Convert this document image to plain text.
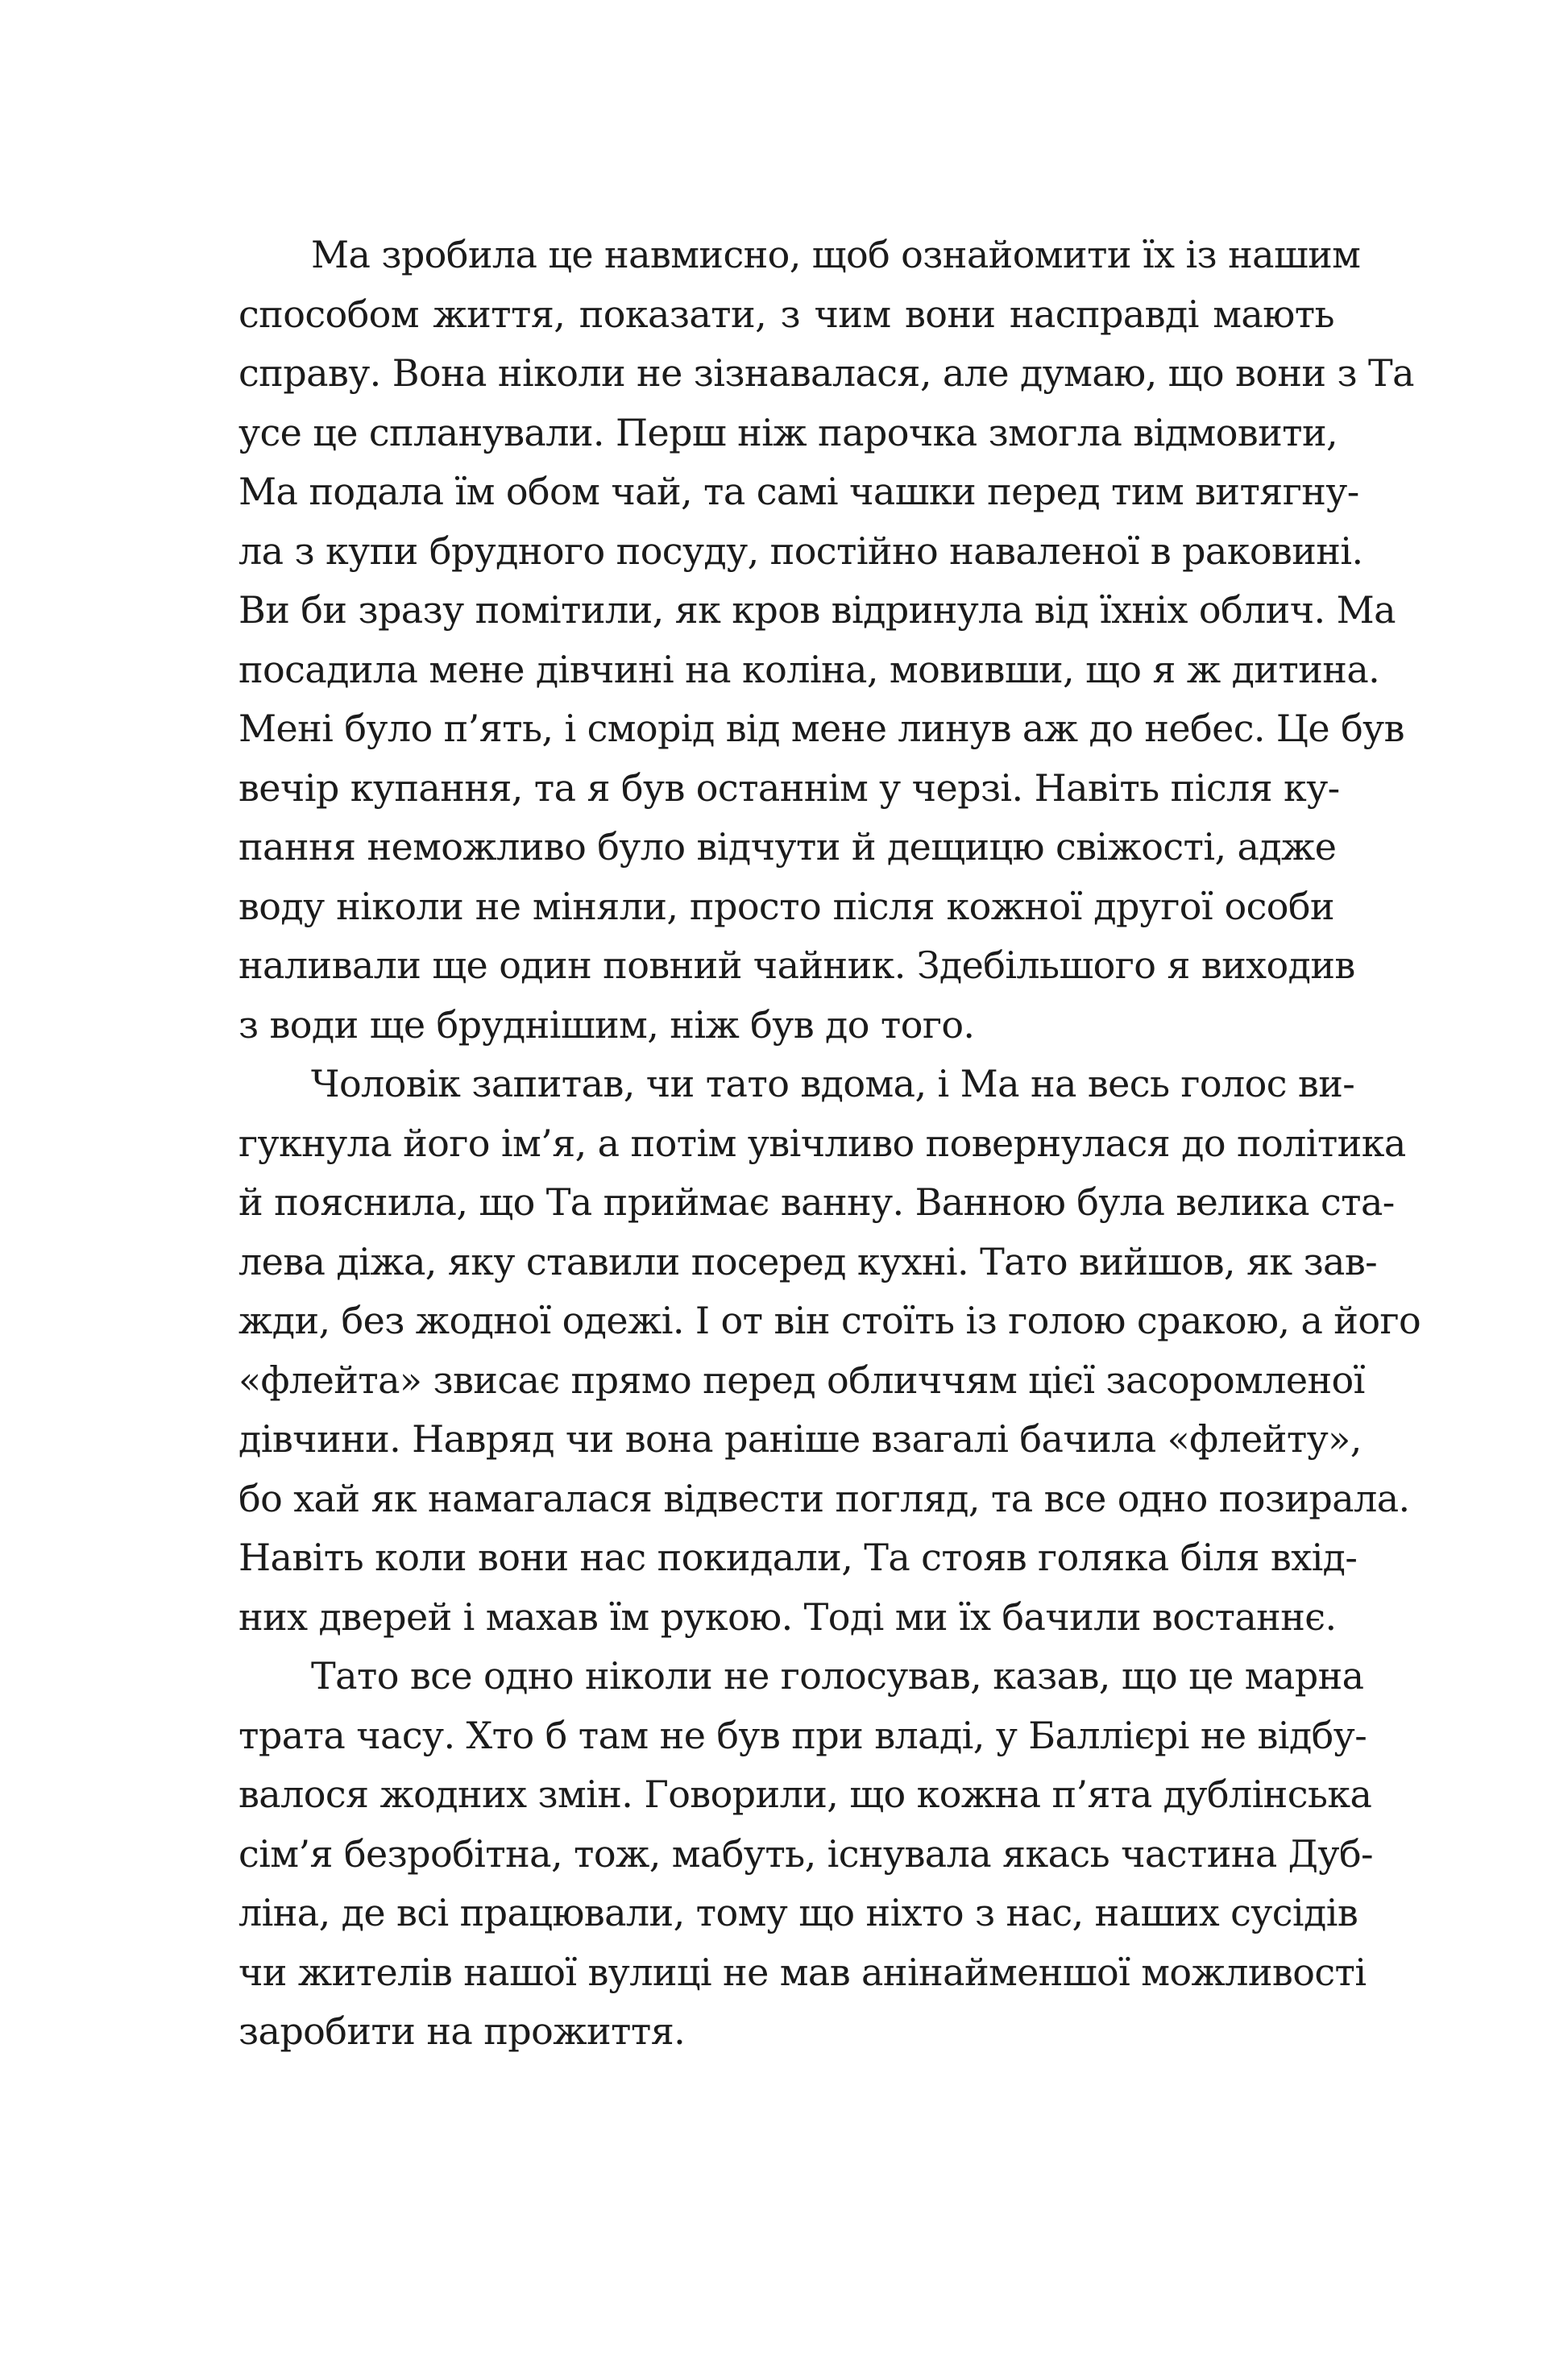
Ма зробила це навмисно, щоб ознайомити їх із нашим
способом життя, показати, з чим вони насправді мають
справу. Вона ніколи не зізнавалася, але думаю, що вони з Та
усе це спланували. Перш ніж парочка змогла відмовити,
Ма подала їм обом чай, та самі чашки перед тим витягну-
ла з купи брудного посуду, постійно наваленої в раковині.
Ви би зразу помітили, як кров відринула від їхніх облич. Ма
посадила мене дівчині на коліна, мовивши, що я ж дитина.
Мені було п’ять, і сморід від мене линув аж до небес. Це був
вечір купання, та я був останнім у черзі. Навіть після ку-
пання неможливо було відчути й дещицю свіжості, адже
воду ніколи не міняли, просто після кожної другої особи
наливали ще один повний чайник. Здебільшого я виходив
з води ще бруднішим, ніж був до того.
Чоловік запитав, чи тато вдома, і Ма на весь голос ви-
гукнула його ім’я, а потім увічливо повернулася до політика
й пояснила, що Та приймає ванну. Ванною була велика ста-
лева діжа, яку ставили посеред кухні. Тато вийшов, як зав-
жди, без жодної одежі. І от він стоїть із голою сракою, а його
«флейта» звисає прямо перед обличчям цієї засоромленої
дівчини. Навряд чи вона раніше взагалі бачила «флейту»,
бо хай як намагалася відвести погляд, та все одно позирала.
Навіть коли вони нас покидали, Та стояв голяка біля вхід-
них дверей і махав їм рукою. Тоді ми їх бачили востаннє.
Тато все одно ніколи не голосував, казав, що це марна
трата часу. Хто б там не був при владі, у Баллієрі не відбу-
валося жодних змін. Говорили, що кожна п’ята дублінська
сім’я безробітна, тож, мабуть, існувала якась частина Дуб-
ліна, де всі працювали, тому що ніхто з нас, наших сусідів
чи жителів нашої вулиці не мав анінайменшої можливості
заробити на прожиття.
